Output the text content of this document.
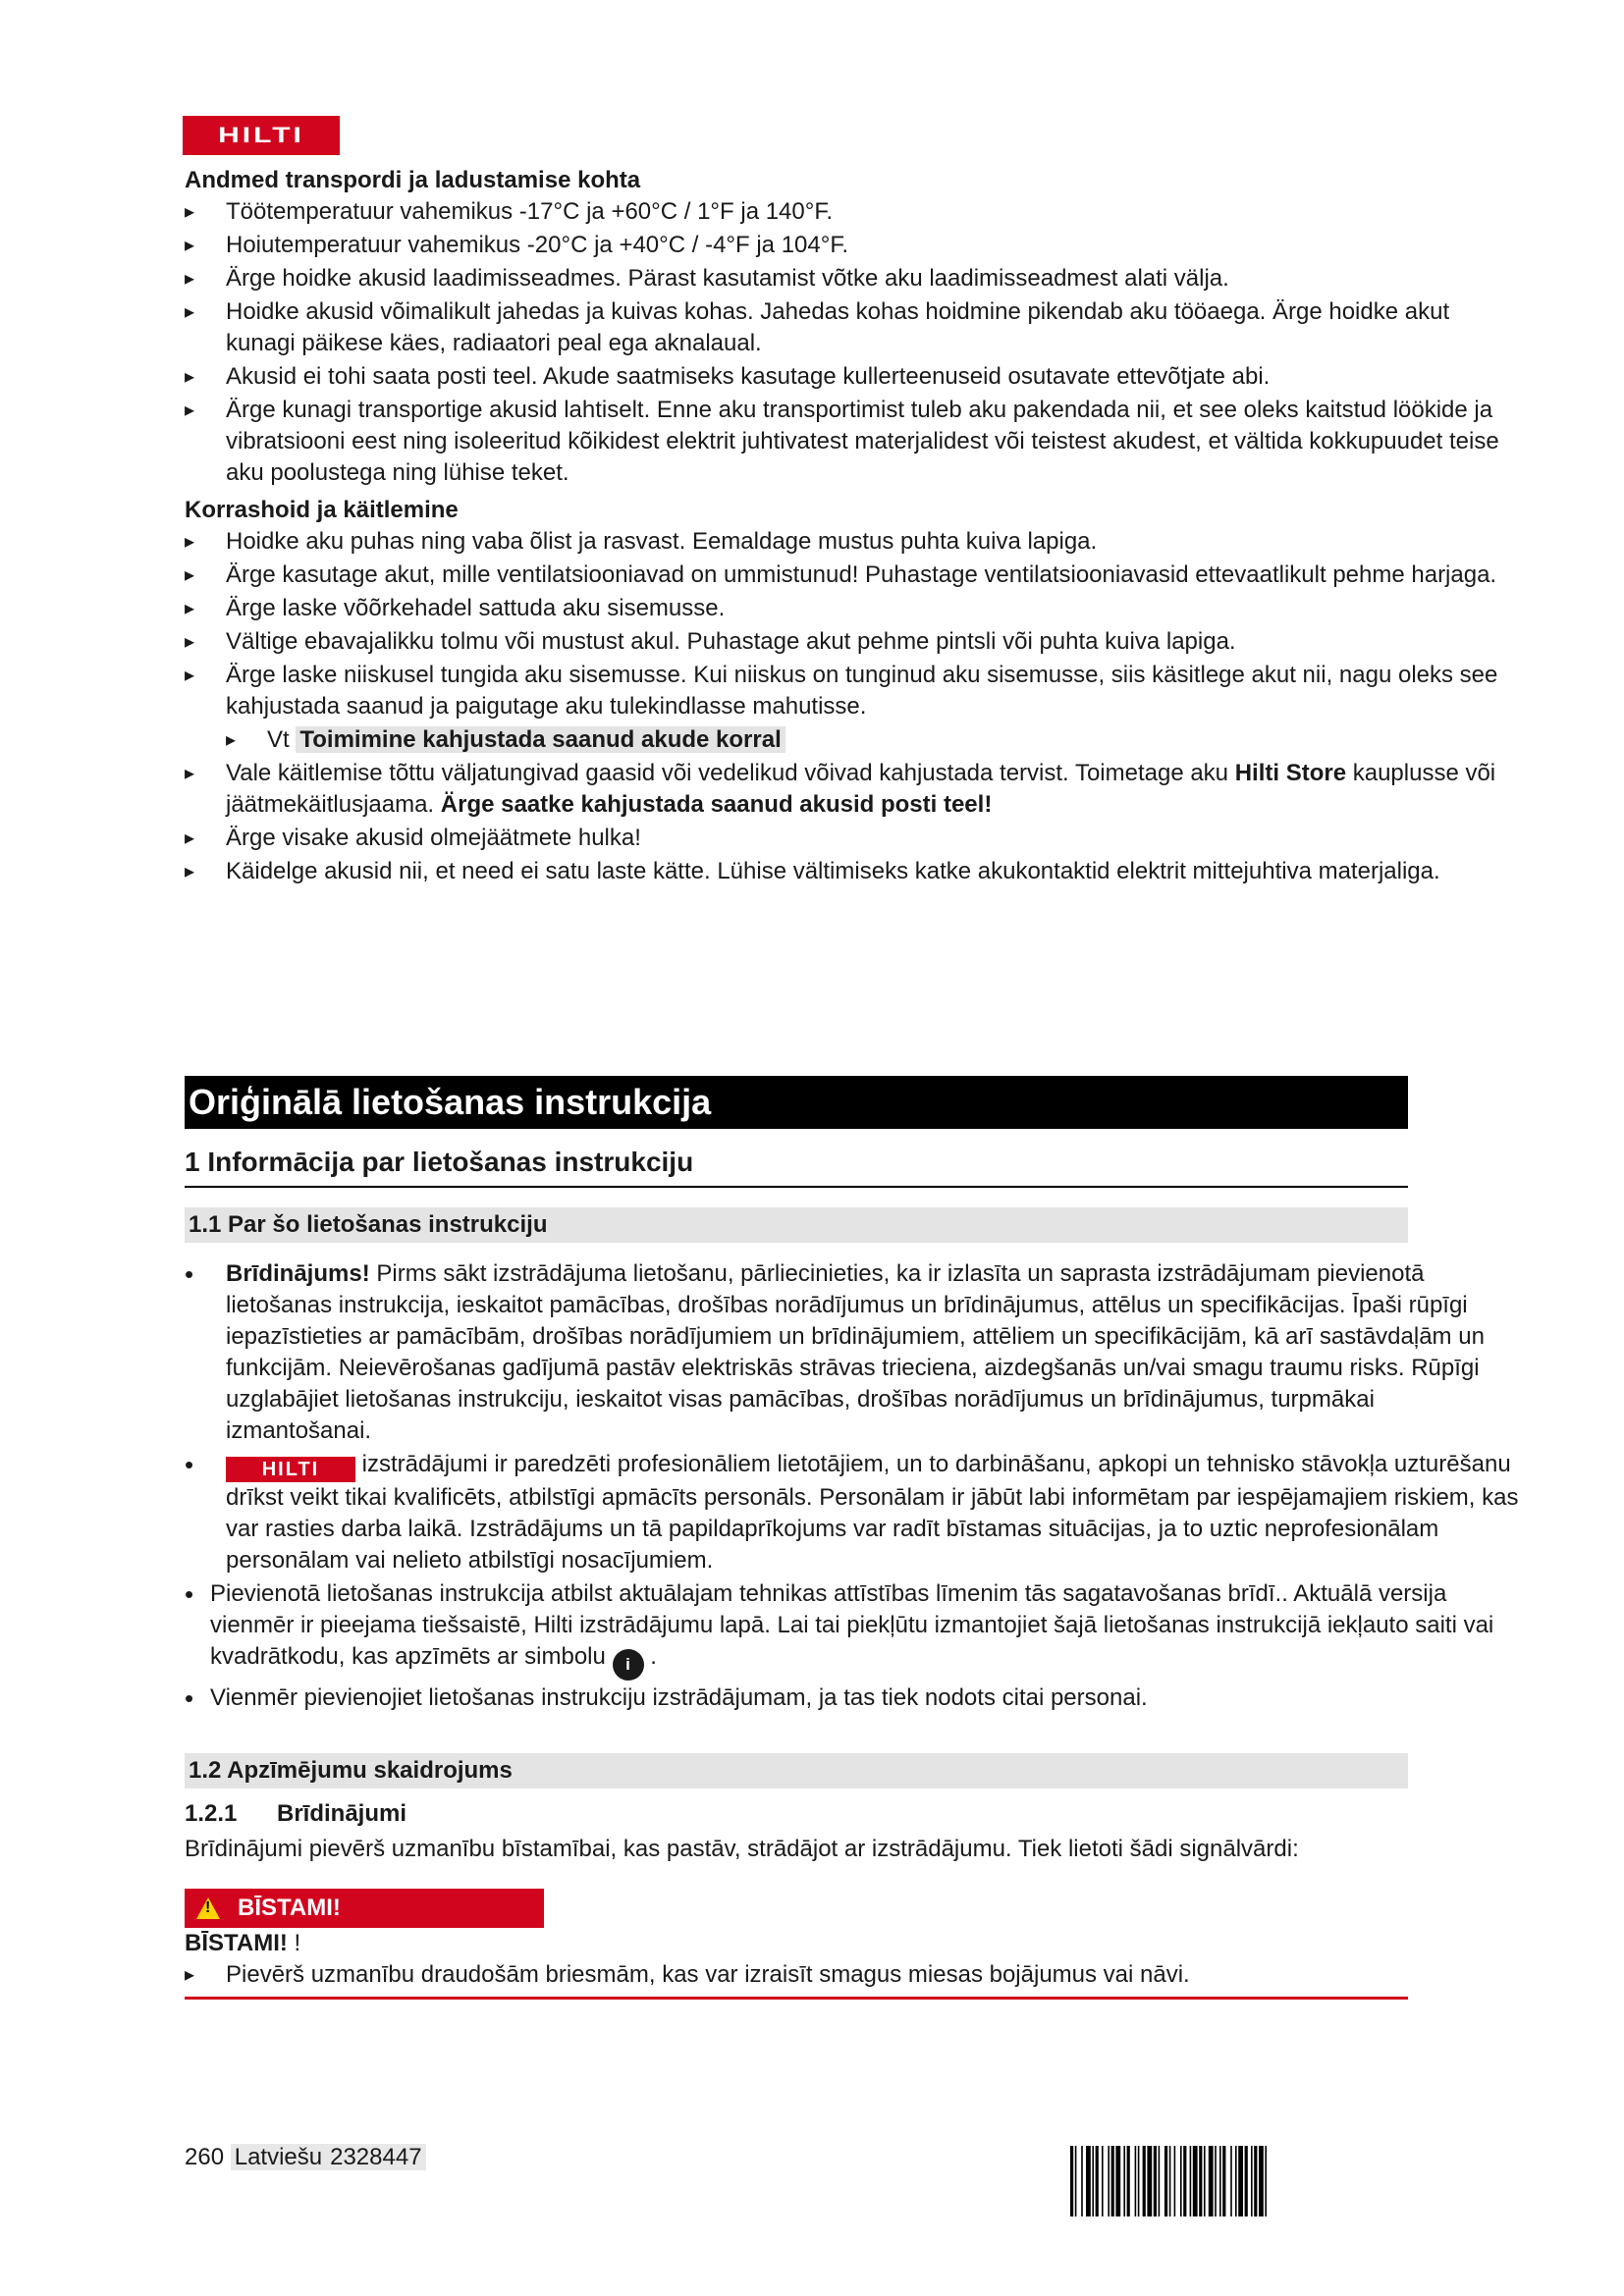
HILTI

Andmed transpordi ja ladustamise kohta

▸ Töötemperatuur vahemikus -17°C ja +60°C / 1°F ja 140°F.
▸ Hoiutemperatuur vahemikus -20°C ja +40°C / -4°F ja 104°F.
▸ Ärge hoidke akusid laadimisseadmes. Pärast kasutamist võtke aku laadimisseadmest alati välja.
▸ Hoidke akusid võimalikult jahedas ja kuivas kohas. Jahedas kohas hoidmine pikendab aku tööaega. Ärge hoidke akut kunagi päikese käes, radiaatori peal ega aknalaual.
▸ Akusid ei tohi saata posti teel. Akude saatmiseks kasutage kullerteenuseid osutavate ettevõtjate abi.
▸ Ärge kunagi transportige akusid lahtiselt. Enne aku transportimist tuleb aku pakendada nii, et see oleks kaitstud löökide ja vibratsiooni eest ning isoleeritud kõikidest elektrit juhtivatest materjalidest või teistest akudest, et vältida kokkupuudet teise aku poolustega ning lühise teket.

Korrashoid ja käitlemine

▸ Hoidke aku puhas ning vaba õlist ja rasvast. Eemaldage mustus puhta kuiva lapiga.
▸ Ärge kasutage akut, mille ventilatsiooniavad on ummistunud! Puhastage ventilatsiooniavasid ettevaatlikult pehme harjaga.
▸ Ärge laske võõrkehadel sattuda aku sisemusse.
▸ Vältige ebavajalikku tolmu või mustust akul. Puhastage akut pehme pintsli või puhta kuiva lapiga.
▸ Ärge laske niiskusel tungida aku sisemusse. Kui niiskus on tunginud aku sisemusse, siis käsitlege akut nii, nagu oleks see kahjustada saanud ja paigutage aku tulekindlasse mahutisse.
▸ Vt Toimimine kahjustada saanud akude korral
▸ Vale käitlemise tõttu väljatungivad gaasid või vedelikud võivad kahjustada tervist. Toimetage aku Hilti Store kauplusse või jäätmekäitlusjaama. Ärge saatke kahjustada saanud akusid posti teel!
▸ Ärge visake akusid olmejäätmete hulka!
▸ Käidelge akusid nii, et need ei satu laste kätte. Lühise vältimiseks katke akukontaktid elektrit mittejuhtiva materjaliga.
Oriģinālā lietošanas instrukcija
1 Informācija par lietošanas instrukciju
1.1 Par šo lietošanas instrukciju
• Brīdinājums! Pirms sākt izstrādājuma lietošanu, pārliecinieties, ka ir izlasīta un saprasta izstrādājumam pievienotā lietošanas instrukcija, ieskaitot pamācības, drošības norādījumus un brīdinājumus, attēlus un specifikācijas. Īpaši rūpīgi iepazīstieties ar pamācībām, drošības norādījumiem un brīdinājumiem, attēliem un specifikācijām, kā arī sastāvdaļām un funkcijām. Neievērošanas gadījumā pastāv elektriskās strāvas trieciena, aizdegšanās un/vai smagu traumu risks. Rūpīgi uzglabājiet lietošanas instrukciju, ieskaitot visas pamācības, drošības norādījumus un brīdinājumus, turpmākai izmantošanai.
• HILTI izstrādājumi ir paredzēti profesionāliem lietotājiem, un to darbināšanu, apkopi un tehnisko stāvokļa uzturēšanu drīkst veikt tikai kvalificēts, atbilstīgi apmācīts personāls. Personālam ir jābūt labi informētam par iespējamajiem riskiem, kas var rasties darba laikā. Izstrādājums un tā papildaprīkojums var radīt bīstamas situācijas, ja to uztic neprofesionālam personālam vai nelieto atbilstīgi nosacījumiem.
• Pievienotā lietošanas instrukcija atbilst aktuālajam tehnikas attīstības līmenim tās sagatavošanas brīdī.. Aktuālā versija vienmēr ir pieejama tiešsaistē, Hilti izstrādājumu lapā. Lai tai piekļūtu izmantojiet šajā lietošanas instrukcijā iekļauto saiti vai kvadrātkodu, kas apzīmēts ar simbolu i .
• Vienmēr pievienojiet lietošanas instrukciju izstrādājumam, ja tas tiek nodots citai personai.
1.2 Apzīmējumu skaidrojums
1.2.1 Brīdinājumi
Brīdinājumi pievērš uzmanību bīstamībai, kas pastāv, strādājot ar izstrādājumu. Tiek lietoti šādi signālvārdi:
!
BĪSTAMI!
BĪSTAMI! !
▸ Pievērš uzmanību draudošām briesmām, kas var izraisīt smagus miesas bojājumus vai nāvi.
260 Latviešu 2328447
